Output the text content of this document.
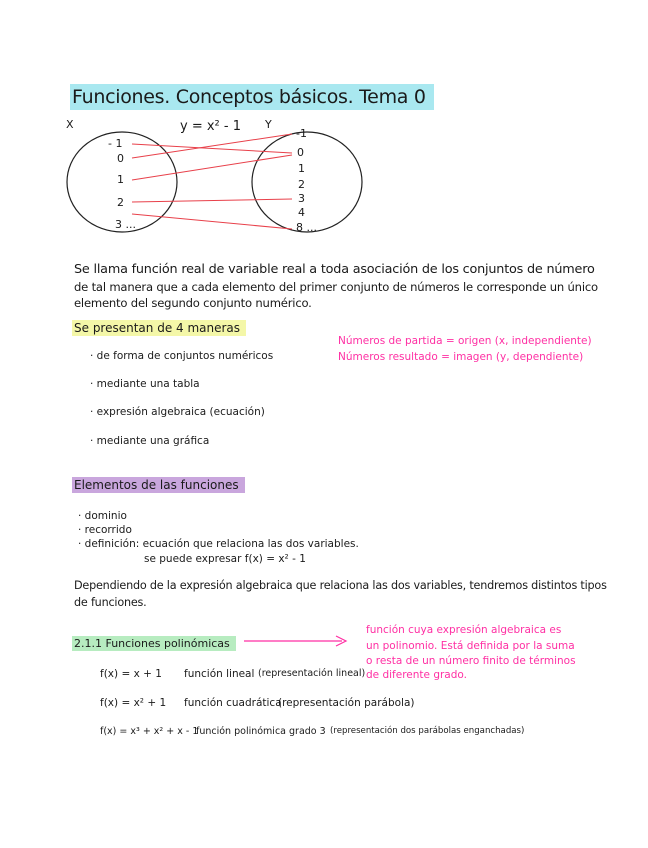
Funciones. Conceptos básicos. Tema 0
X	Y
y = x² - 1
- 1
0
1
2
3 ...
-1
0
1
2
3
4
8 ...
Se llama función real de variable real a toda asociación de los conjuntos de número
de tal manera que a cada elemento del primer conjunto de números le corresponde un único
elemento del segundo conjunto numérico.
Se presentan de 4 maneras
Números de partida = origen (x, independiente)
Números resultado = imagen (y, dependiente)
· de forma de conjuntos numéricos
· mediante una tabla
· expresión algebraica (ecuación)
· mediante una gráfica
Elementos de las funciones
· dominio
· recorrido
· definición: ecuación que relaciona las dos variables.
se puede expresar f(x) = x² - 1
Dependiendo de la expresión algebraica que relaciona las dos variables, tendremos distintos tipos
de funciones.
2.1.1 Funciones polinómicas
función cuya expresión algebraica es
un polinomio. Está definida por la suma
o resta de un número finito de términos
de diferente grado.
f(x) = x + 1 función lineal (representación lineal)
f(x) = x² + 1 función cuadrática
(representación parábola)
f(x) = x³ + x² + x - 1
función polinómica grado 3 (representación dos parábolas enganchadas)
